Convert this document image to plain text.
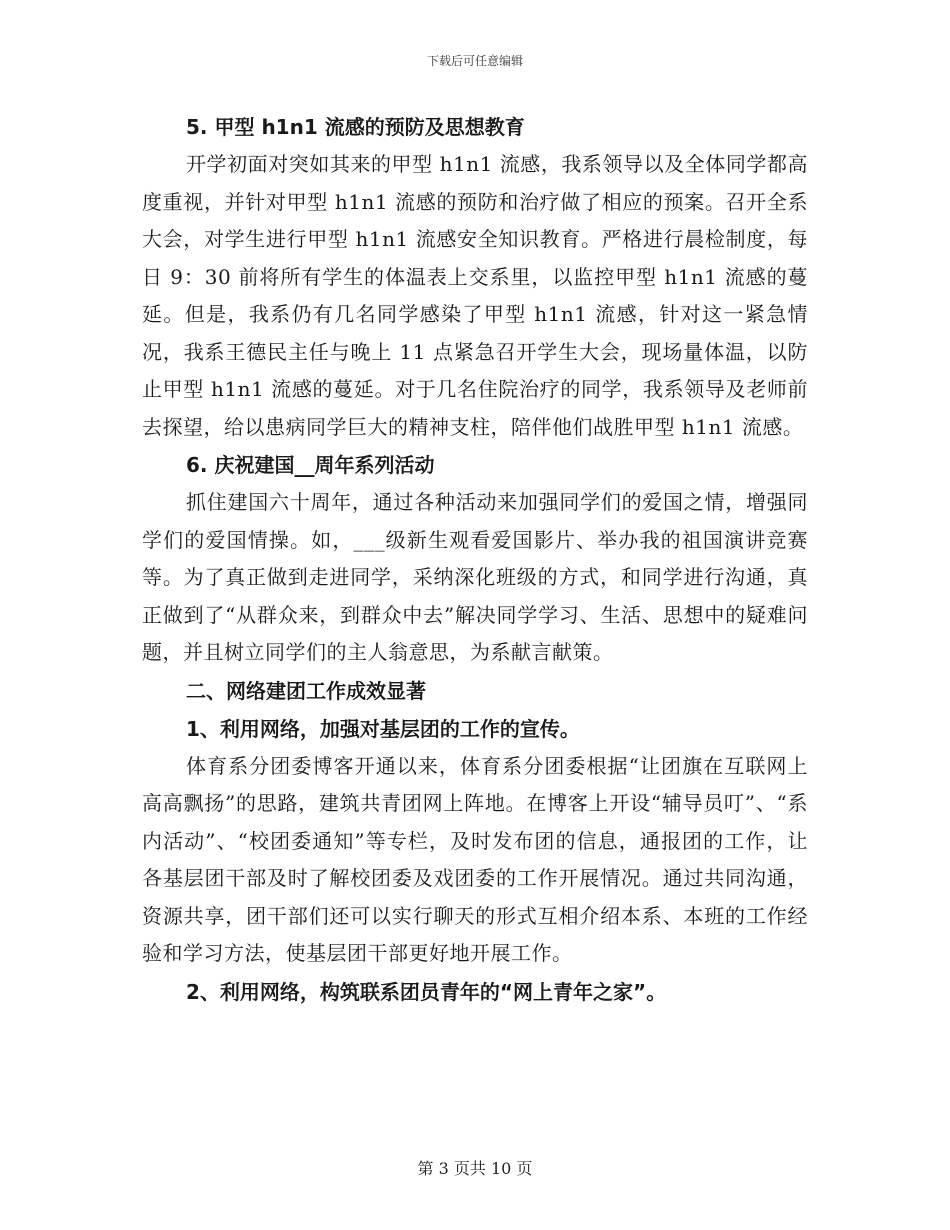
下载后可任意编辑
5. 甲型 h1n1 流感的预防及思想教育
开学初面对突如其来的甲型 h1n1 流感，我系领导以及全体同学都高度重视，并针对甲型 h1n1 流感的预防和治疗做了相应的预案。召开全系大会，对学生进行甲型 h1n1 流感安全知识教育。严格进行晨检制度，每日 9：30 前将所有学生的体温表上交系里，以监控甲型 h1n1 流感的蔓延。但是，我系仍有几名同学感染了甲型 h1n1 流感，针对这一紧急情况，我系王德民主任与晚上 11 点紧急召开学生大会，现场量体温，以防止甲型 h1n1 流感的蔓延。对于几名住院治疗的同学，我系领导及老师前去探望，给以患病同学巨大的精神支柱，陪伴他们战胜甲型 h1n1 流感。
6. 庆祝建国__周年系列活动
抓住建国六十周年，通过各种活动来加强同学们的爱国之情，增强同学们的爱国情操。如，___级新生观看爱国影片、举办我的祖国演讲竞赛等。为了真正做到走进同学，采纳深化班级的方式，和同学进行沟通，真正做到了“从群众来，到群众中去”解决同学学习、生活、思想中的疑难问题，并且树立同学们的主人翁意思，为系献言献策。
二、网络建团工作成效显著
1、利用网络，加强对基层团的工作的宣传。
体育系分团委博客开通以来，体育系分团委根据“让团旗在互联网上高高飘扬”的思路，建筑共青团网上阵地。在博客上开设“辅导员叮”、“系内活动”、“校团委通知”等专栏，及时发布团的信息，通报团的工作，让各基层团干部及时了解校团委及戏团委的工作开展情况。通过共同沟通，资源共享，团干部们还可以实行聊天的形式互相介绍本系、本班的工作经验和学习方法，使基层团干部更好地开展工作。
2、利用网络，构筑联系团员青年的“网上青年之家”。
第 3 页共 10 页
